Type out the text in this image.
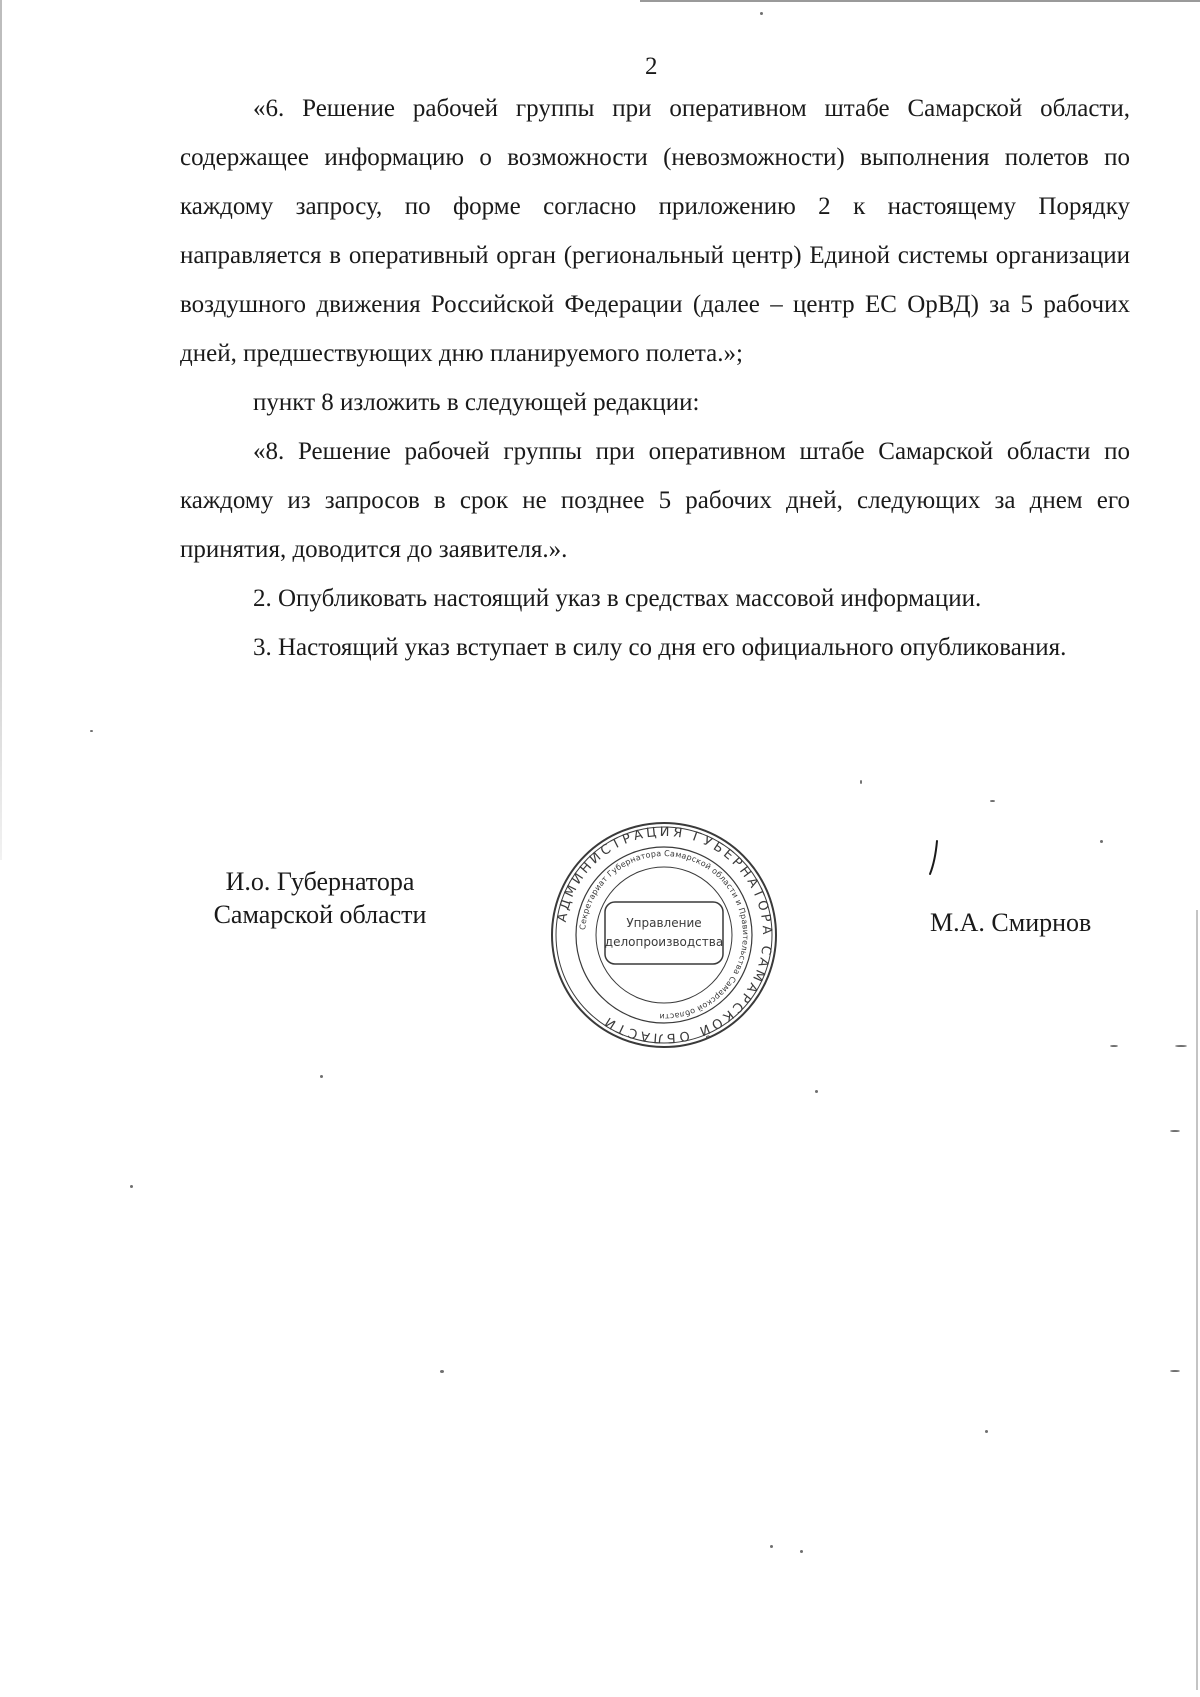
2

«6. Решение рабочей группы при оперативном штабе Самарской области, содержащее информацию о возможности (невозможности) выполнения полетов по каждому запросу, по форме согласно приложению 2 к настоящему Порядку направляется в оперативный орган (региональный центр) Единой системы организации воздушного движения Российской Федерации (далее – центр ЕС ОрВД) за 5 рабочих дней, предшествующих дню планируемого полета.»;

пункт 8 изложить в следующей редакции:

«8. Решение рабочей группы при оперативном штабе Самарской области по каждому из запросов в срок не позднее 5 рабочих дней, следующих за днем его принятия, доводится до заявителя.».

2. Опубликовать настоящий указ в средствах массовой информации.

3. Настоящий указ вступает в силу со дня его официального опубликования.

И.о. Губернатора
Самарской области	АДМИНИСТРАЦИЯ ГУБЕРНАТОРА САМАРСКОЙ ОБЛАСТИ
Секретариат Губернатора Самарской области и Правительства Самарской области
Управление
делопроизводства
М.А. Смирнов
